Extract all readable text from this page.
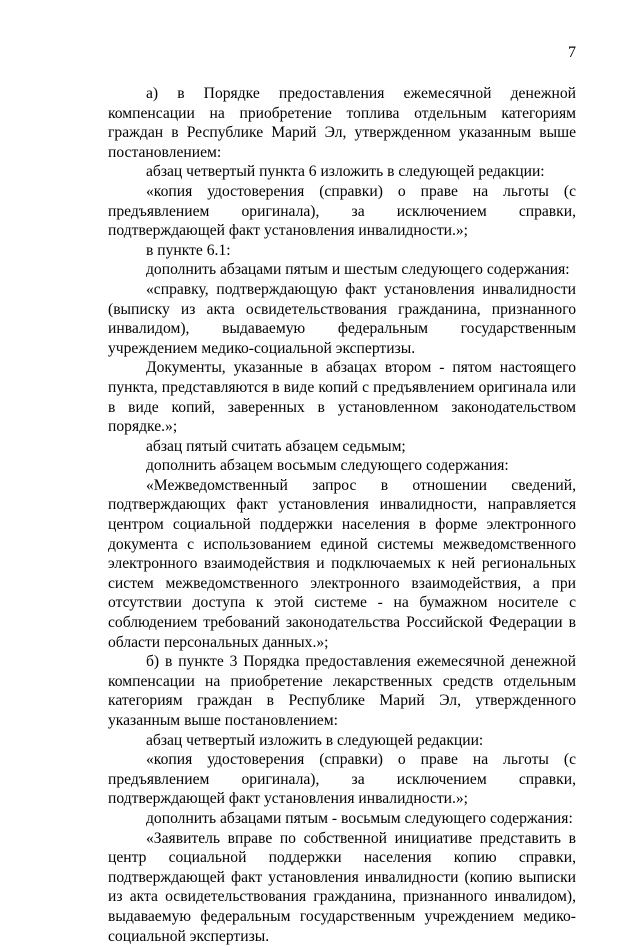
7

а) в Порядке предоставления ежемесячной денежной компенсации на приобретение топлива отдельным категориям граждан в Республике Марий Эл, утвержденном указанным выше постановлением:

абзац четвертый пункта 6 изложить в следующей редакции:

«копия удостоверения (справки) о праве на льготы (с предъявлением оригинала), за исключением справки, подтверждающей факт установления инвалидности.»;

в пункте 6.1:

дополнить абзацами пятым и шестым следующего содержания:

«справку, подтверждающую факт установления инвалидности (выписку из акта освидетельствования гражданина, признанного инвалидом), выдаваемую федеральным государственным учреждением медико-социальной экспертизы.

Документы, указанные в абзацах втором - пятом настоящего пункта, представляются в виде копий с предъявлением оригинала или в виде копий, заверенных в установленном законодательством порядке.»;

абзац пятый считать абзацем седьмым;

дополнить абзацем восьмым следующего содержания:

«Межведомственный запрос в отношении сведений, подтверждающих факт установления инвалидности, направляется центром социальной поддержки населения в форме электронного документа с использованием единой системы межведомственного электронного взаимодействия и подключаемых к ней региональных систем межведомственного электронного взаимодействия, а при отсутствии доступа к этой системе - на бумажном носителе с соблюдением требований законодательства Российской Федерации в области персональных данных.»;

б) в пункте 3 Порядка предоставления ежемесячной денежной компенсации на приобретение лекарственных средств отдельным категориям граждан в Республике Марий Эл, утвержденного указанным выше постановлением:

абзац четвертый изложить в следующей редакции:

«копия удостоверения (справки) о праве на льготы (с предъявлением оригинала), за исключением справки, подтверждающей факт установления инвалидности.»;

дополнить абзацами пятым - восьмым следующего содержания:

«Заявитель вправе по собственной инициативе представить в центр социальной поддержки населения копию справки, подтверждающей факт установления инвалидности (копию выписки из акта освидетельствования гражданина, признанного инвалидом), выдаваемую федеральным государственным учреждением медико-социальной экспертизы.
